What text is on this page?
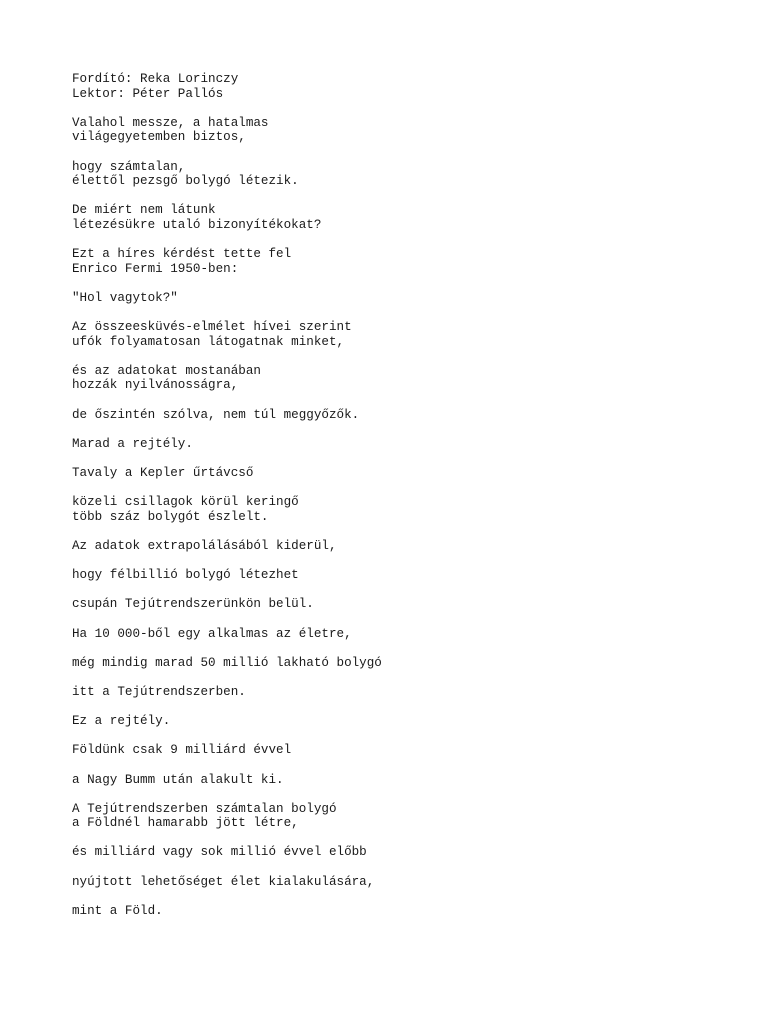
Fordító: Reka Lorinczy
Lektor: Péter Pallós
Valahol messze, a hatalmas
világegyetemben biztos,
hogy számtalan,
élettől pezsgő bolygó létezik.
De miért nem látunk
létezésükre utaló bizonyítékokat?
Ezt a híres kérdést tette fel
Enrico Fermi 1950-ben:
"Hol vagytok?"
Az összeesküvés-elmélet hívei szerint
ufók folyamatosan látogatnak minket,
és az adatokat mostanában
hozzák nyilvánosságra,
de őszintén szólva, nem túl meggyőzők.
Marad a rejtély.
Tavaly a Kepler űrtávcső
közeli csillagok körül keringő
több száz bolygót észlelt.
Az adatok extrapolálásából kiderül,
hogy félbillió bolygó létezhet
csupán Tejútrendszerünkön belül.
Ha 10 000-ből egy alkalmas az életre,
még mindig marad 50 millió lakható bolygó
itt a Tejútrendszerben.
Ez a rejtély.
Földünk csak 9 milliárd évvel
a Nagy Bumm után alakult ki.
A Tejútrendszerben számtalan bolygó
a Földnél hamarabb jött létre,
és milliárd vagy sok millió évvel előbb
nyújtott lehetőséget élet kialakulására,
mint a Föld.
